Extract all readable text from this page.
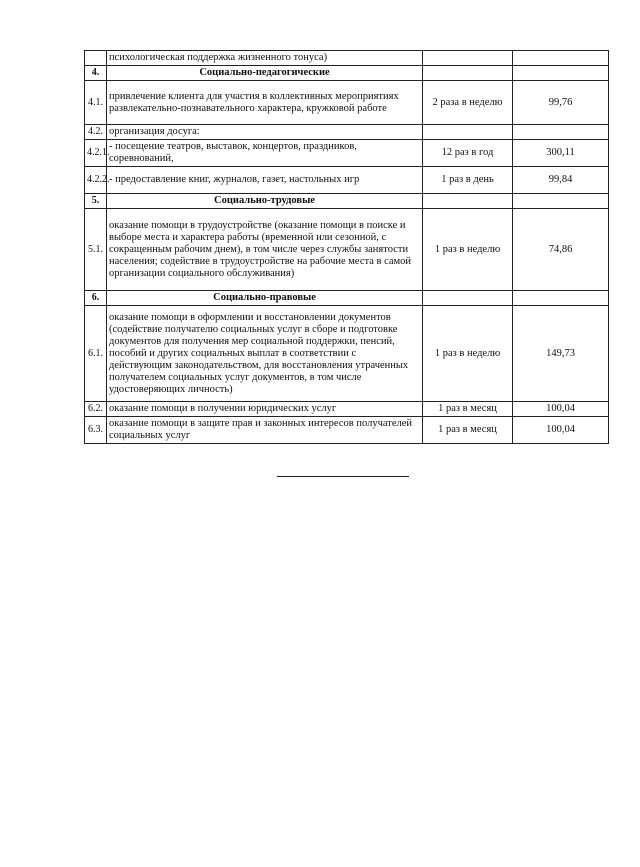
	психологическая поддержка жизненного тонуса)		
4.	Социально-педагогические		
4.1.	привлечение клиента для участия в коллективных мероприятиях развлекательно-познавательного характера, кружковой работе	2 раза в неделю	99,76
4.2.	организация досуга:		
4.2.1.	- посещение театров, выставок, концертов, праздников, соревнований,	12 раз в год	300,11
4.2.2.	- предоставление книг, журналов, газет, настольных игр	1 раз в день	99,84
5.	Социально-трудовые		
5.1.	оказание помощи в трудоустройстве (оказание помощи в поиске и выборе места и характера работы (временной или сезонной, с сокращенным рабочим днем), в том числе через службы занятости населения; содействие в трудоустройстве на рабочие места в самой организации социального обслуживания)	1 раз в неделю	74,86
6.	Социально-правовые		
6.1.	оказание помощи в оформлении и восстановлении документов (содействие получателю социальных услуг в сборе и подготовке документов для получения мер социальной поддержки, пенсий, пособий и других социальных выплат в соответствии с действующим законодательством, для восстановления утраченных получателем социальных услуг документов, в том числе удостоверяющих личность)	1 раз в неделю	149,73
6.2.	оказание помощи в получении юридических услуг	1 раз в месяц	100,04
6.3.	оказание помощи в защите прав и законных интересов получателей социальных услуг	1 раз в месяц	100,04
